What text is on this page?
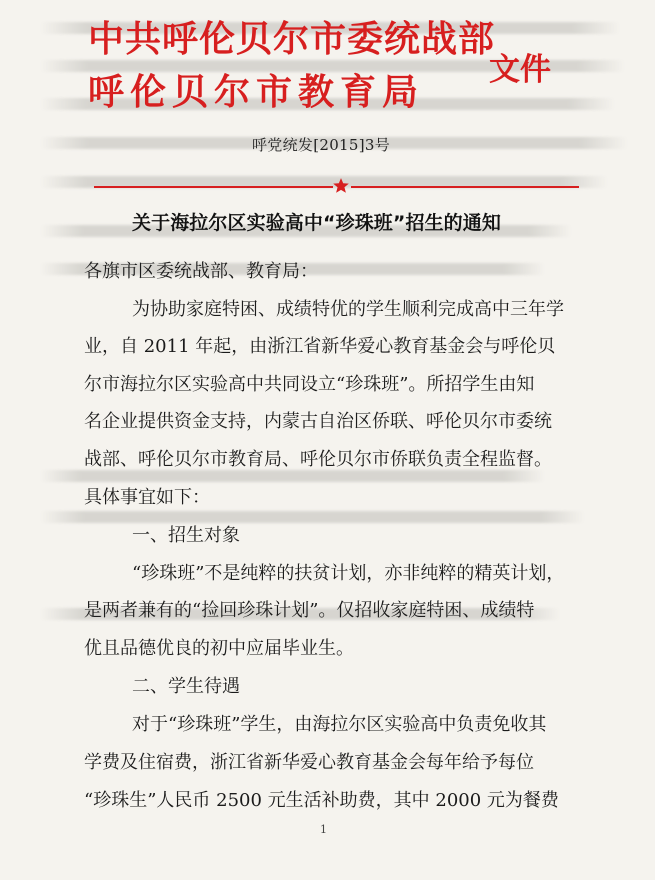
中共呼伦贝尔市委统战部
呼伦贝尔市教育局
文件
呼党统发[2015]3号
关于海拉尔区实验高中“珍珠班”招生的通知
各旗市区委统战部、教育局：
为协助家庭特困、成绩特优的学生顺利完成高中三年学
业，自 2011 年起，由浙江省新华爱心教育基金会与呼伦贝
尔市海拉尔区实验高中共同设立“珍珠班”。所招学生由知
名企业提供资金支持，内蒙古自治区侨联、呼伦贝尔市委统
战部、呼伦贝尔市教育局、呼伦贝尔市侨联负责全程监督。
具体事宜如下：
一、招生对象
“珍珠班”不是纯粹的扶贫计划，亦非纯粹的精英计划，
是两者兼有的“捡回珍珠计划”。仅招收家庭特困、成绩特
优且品德优良的初中应届毕业生。
二、学生待遇
对于“珍珠班”学生，由海拉尔区实验高中负责免收其
学费及住宿费，浙江省新华爱心教育基金会每年给予每位
“珍珠生”人民币 2500 元生活补助费，其中 2000 元为餐费
1
